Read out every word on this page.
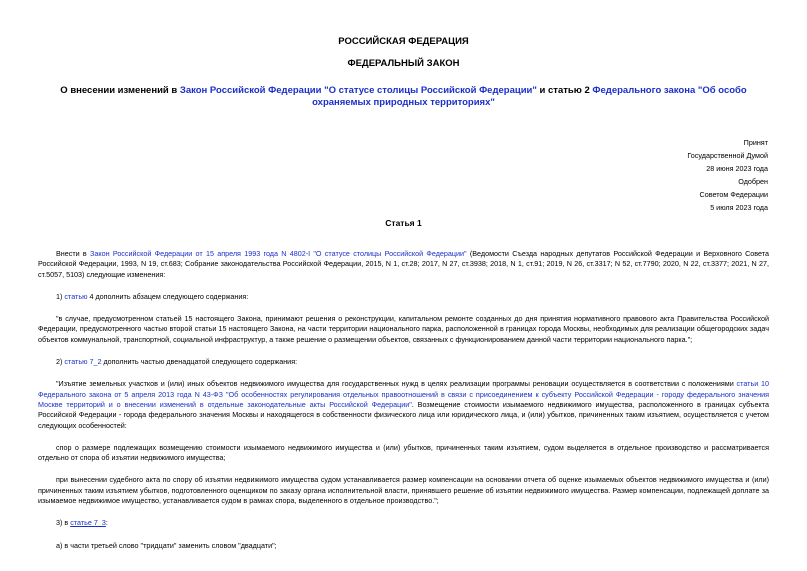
РОССИЙСКАЯ ФЕДЕРАЦИЯ
ФЕДЕРАЛЬНЫЙ ЗАКОН
О внесении изменений в Закон Российской Федерации "О статусе столицы Российской Федерации" и статью 2 Федерального закона "Об особо охраняемых природных территориях"
Принят
Государственной Думой
28 июня 2023 года
Одобрен
Советом Федерации
5 июля 2023 года
Статья 1

Внести в Закон Российской Федерации от 15 апреля 1993 года N 4802-I "О статусе столицы Российской Федерации" (Ведомости Съезда народных депутатов Российской Федерации и Верховного Совета Российской Федерации, 1993, N 19, ст.683; Собрание законодательства Российской Федерации, 2015, N 1, ст.28; 2017, N 27, ст.3938; 2018, N 1, ст.91; 2019, N 26, ст.3317; N 52, ст.7790; 2020, N 22, ст.3377; 2021, N 27, ст.5057, 5103) следующие изменения:

1) статью 4 дополнить абзацем следующего содержания:

"в случае, предусмотренном статьей 15 настоящего Закона, принимают решения о реконструкции, капитальном ремонте созданных до дня принятия нормативного правового акта Правительства Российской Федерации, предусмотренного частью второй статьи 15 настоящего Закона, на части территории национального парка, расположенной в границах города Москвы, необходимых для реализации общегородских задач объектов коммунальной, транспортной, социальной инфраструктур, а также решение о размещении объектов, связанных с функционированием данной части территории национального парка.";

2) статью 7_2 дополнить частью двенадцатой следующего содержания:

"Изъятие земельных участков и (или) иных объектов недвижимого имущества для государственных нужд в целях реализации программы реновации осуществляется в соответствии с положениями статьи 10 Федерального закона от 5 апреля 2013 года N 43-ФЗ "Об особенностях регулирования отдельных правоотношений в связи с присоединением к субъекту Российской Федерации - городу федерального значения Москве территорий и о внесении изменений в отдельные законодательные акты Российской Федерации". Возмещение стоимости изымаемого недвижимого имущества, расположенного в границах субъекта Российской Федерации - города федерального значения Москвы и находящегося в собственности физического лица или юридического лица, и (или) убытков, причиненных таким изъятием, осуществляется с учетом следующих особенностей:

спор о размере подлежащих возмещению стоимости изымаемого недвижимого имущества и (или) убытков, причиненных таким изъятием, судом выделяется в отдельное производство и рассматривается отдельно от спора об изъятии недвижимого имущества;

при вынесении судебного акта по спору об изъятии недвижимого имущества судом устанавливается размер компенсации на основании отчета об оценке изымаемых объектов недвижимого имущества и (или) причиненных таким изъятием убытков, подготовленного оценщиком по заказу органа исполнительной власти, принявшего решение об изъятии недвижимого имущества. Размер компенсации, подлежащей доплате за изымаемое недвижимое имущество, устанавливается судом в рамках спора, выделенного в отдельное производство.";

3) в статье 7_3:

а) в части третьей слово "тридцати" заменить словом "двадцати";
